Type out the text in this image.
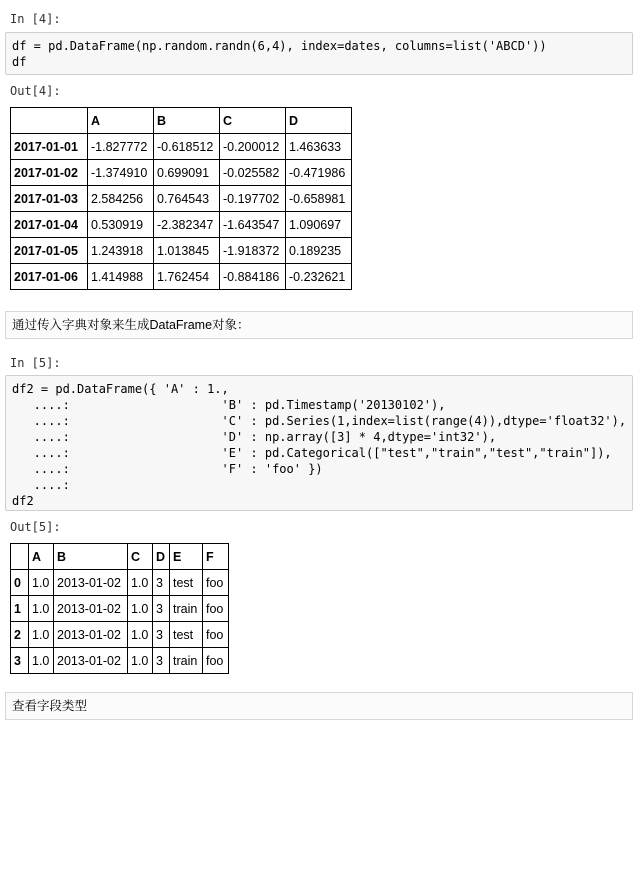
In [4]:
df = pd.DataFrame(np.random.randn(6,4), index=dates, columns=list('ABCD'))
df
Out[4]:
	A	B	C	D
2017-01-01	-1.827772	-0.618512	-0.200012	1.463633
2017-01-02	-1.374910	0.699091	-0.025582	-0.471986
2017-01-03	2.584256	0.764543	-0.197702	-0.658981
2017-01-04	0.530919	-2.382347	-1.643547	1.090697
2017-01-05	1.243918	1.013845	-1.918372	0.189235
2017-01-06	1.414988	1.762454	-0.884186	-0.232621
通过传入字典对象来生成DataFrame对象：
In [5]:
df2 = pd.DataFrame({ 'A' : 1.,
....:                     'B' : pd.Timestamp('20130102'),
....:                     'C' : pd.Series(1,index=list(range(4)),dtype='float32'),
....:                     'D' : np.array([3] * 4,dtype='int32'),
....:                     'E' : pd.Categorical(["test","train","test","train"]),
....:                     'F' : 'foo' })
....:
df2
Out[5]:
	A	B	C	D	E	F
0	1.0	2013-01-02	1.0	3	test	foo
1	1.0	2013-01-02	1.0	3	train	foo
2	1.0	2013-01-02	1.0	3	test	foo
3	1.0	2013-01-02	1.0	3	train	foo
查看字段类型
